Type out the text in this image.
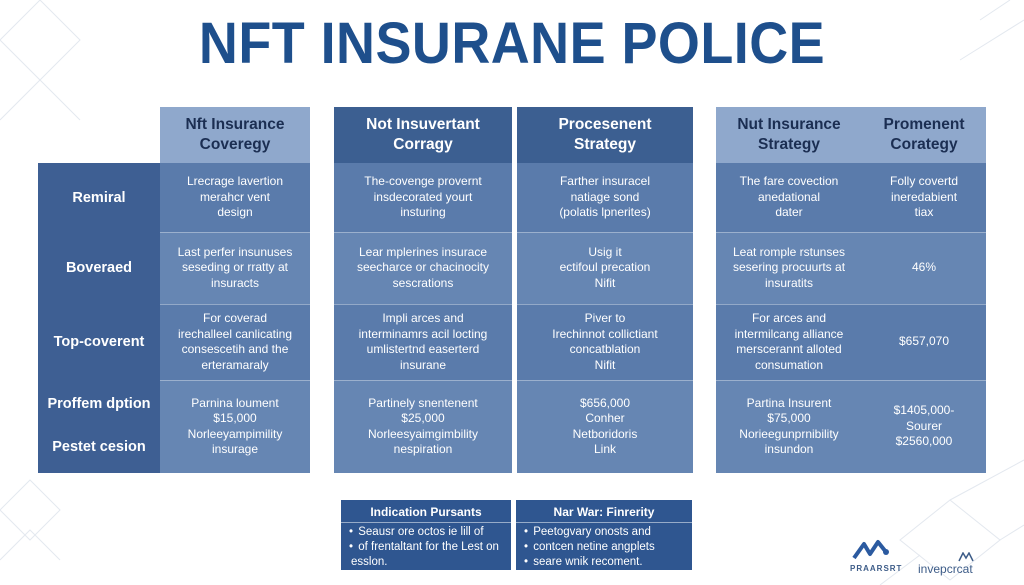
NFT INSURANE POLICE
Nft Insurance
Coveregy
Not Insuvertant
Corragy
Procesenent
Strategy
Nut Insurance
Strategy
Promenent
Corategy
Remiral
Boveraed
Top-coverent
Proffem dption
Pestet cesion
Lrecrage lavertion
merahcr vent
design
The-covenge provernt
insdecorated yourt
insturing
Farther insuracel
natiage sond
(polatis lpnerites)
The fare covection
anedational
dater
Folly covertd
ineredabient
tiax
Last perfer insunuses
seseding or rratty at
insuracts
Lear mplerines insurace
seecharce or chacinocity
sescrations
Usig it
ectifoul precation
Nifit
Leat romple rstunses
sesering procuurts at
insuratits
46%
For coverad
irechalleel canlicating
consescetih and the
erteramaraly
Impli arces and
interminamrs acil locting
umlistertnd easerterd
insurane
Piver to
Irechinnot collictiant
concatblation
Nifit
For arces and
intermilcang alliance
merscerannt alloted
consumation
$657,070
Parnina loument
$15,000
Norleeyampimility
insurage
Partinely snentenent
$25,000
Norleesyaimgimbility
nespiration
$656,000
Conher
Netboridoris
Link
Partina Insurent
$75,000
Norieegunprnibility
insundon
$1405,000-
Sourer
$2560,000
Indication Pursants
• Seausr ore octos ie lill of
• of frentaltant for the Lest on
esslon.
Nar War: Finrerity
• Peetogvary onosts and
• contcen netine angplets
• seare wnik recoment.
PRAARSRT invepcrcat
